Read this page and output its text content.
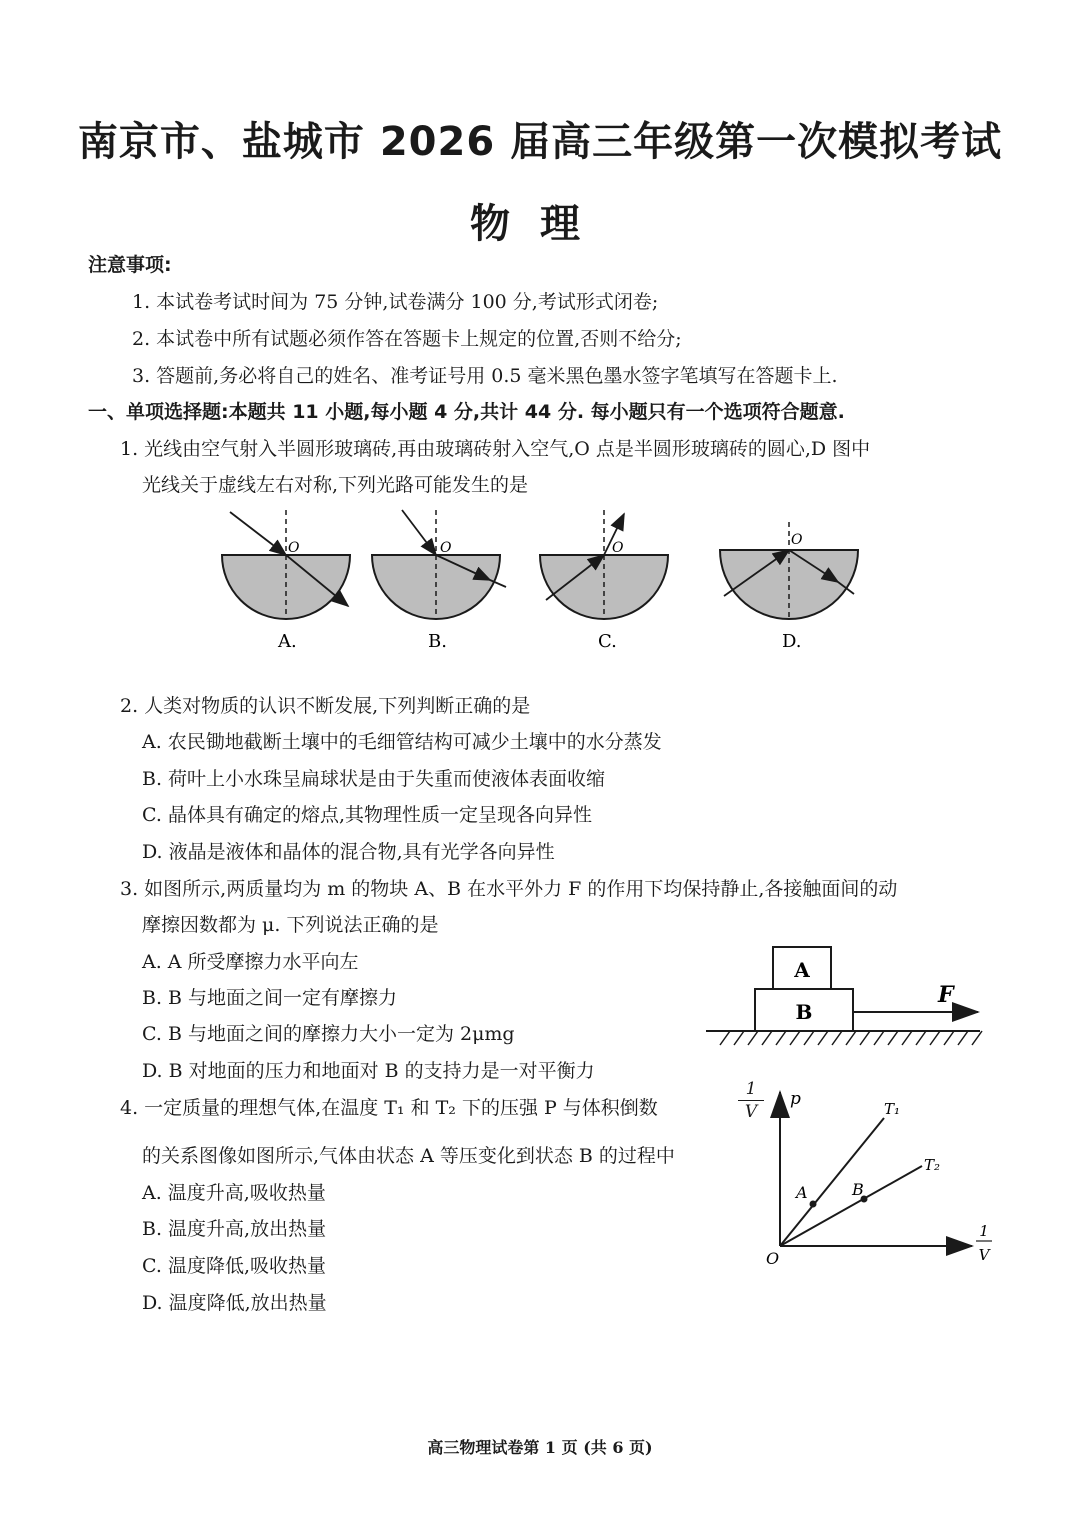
南京市、盐城市 2026 届高三年级第一次模拟考试
物理
注意事项:
1. 本试卷考试时间为 75 分钟,试卷满分 100 分,考试形式闭卷;
2. 本试卷中所有试题必须作答在答题卡上规定的位置,否则不给分;
3. 答题前,务必将自己的姓名、准考证号用 0.5 毫米黑色墨水签字笔填写在答题卡上.
一、单项选择题:本题共 11 小题,每小题 4 分,共计 44 分. 每小题只有一个选项符合题意.
1. 光线由空气射入半圆形玻璃砖,再由玻璃砖射入空气,O 点是半圆形玻璃砖的圆心,D 图中
光线关于虚线左右对称,下列光路可能发生的是
O
A.
O
B.
O
C.
O
D.
2. 人类对物质的认识不断发展,下列判断正确的是
A. 农民锄地截断土壤中的毛细管结构可减少土壤中的水分蒸发
B. 荷叶上小水珠呈扁球状是由于失重而使液体表面收缩
C. 晶体具有确定的熔点,其物理性质一定呈现各向异性
D. 液晶是液体和晶体的混合物,具有光学各向异性
3. 如图所示,两质量均为 m 的物块 A、B 在水平外力 F 的作用下均保持静止,各接触面间的动
摩擦因数都为 μ. 下列说法正确的是
A. A 所受摩擦力水平向左
B. B 与地面之间一定有摩擦力
C. B 与地面之间的摩擦力大小一定为 2μmg
D. B 对地面的压力和地面对 B 的支持力是一对平衡力
A
B
F
4. 一定质量的理想气体,在温度 T₁ 和 T₂ 下的压强 P 与体积倒数	$\frac{1}{V}$
的关系图像如图所示,气体由状态 A 等压变化到状态 B 的过程中
A. 温度升高,吸收热量
B. 温度升高,放出热量
C. 温度降低,吸收热量
D. 温度降低,放出热量
p
1
V
O
T₁
T₂
A	B
高三物理试卷第 1 页 (共 6 页)
